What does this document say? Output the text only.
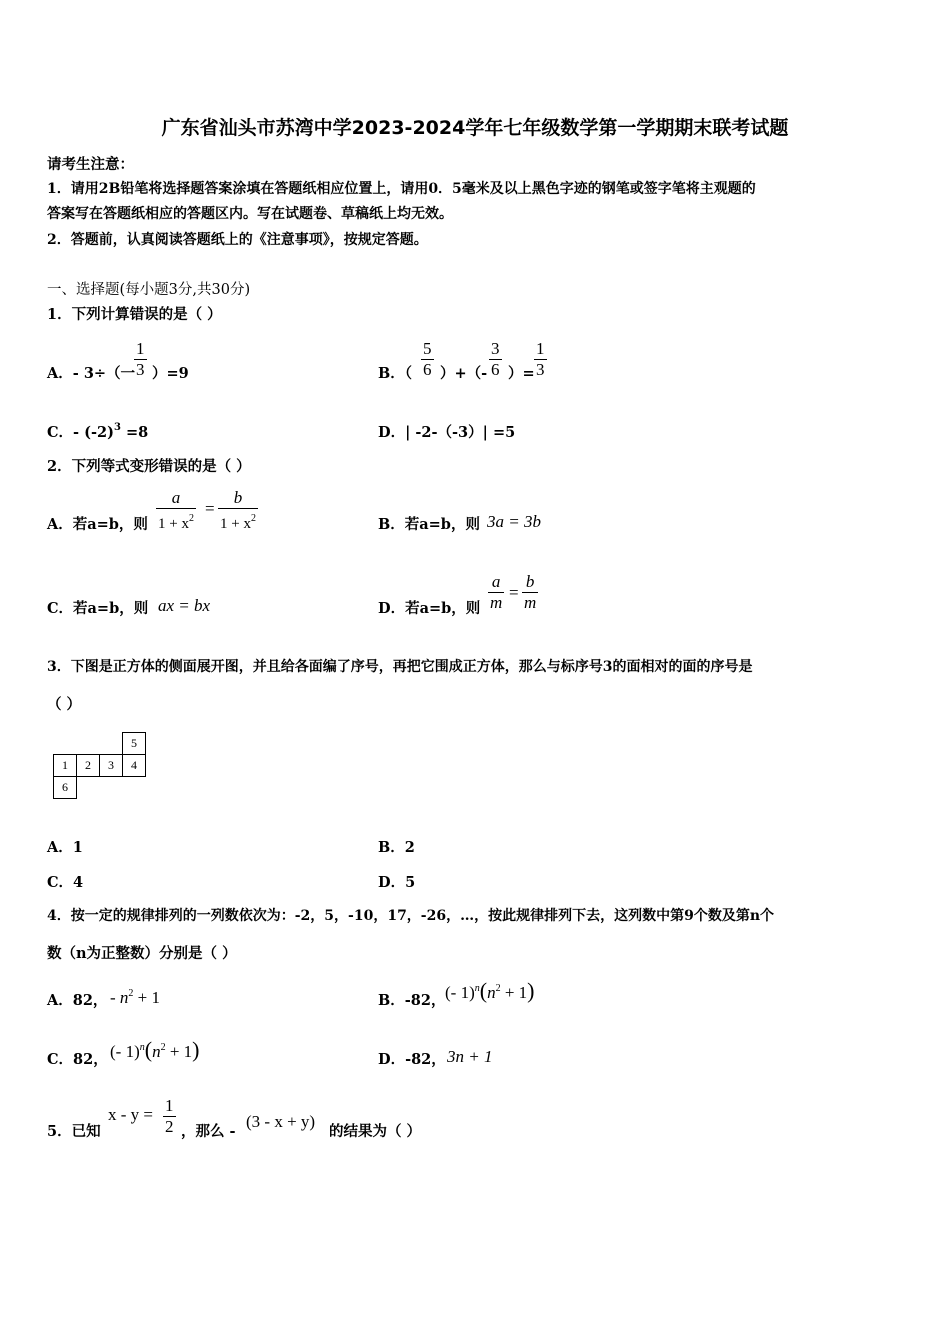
广东省汕头市苏湾中学2023-2024学年七年级数学第一学期期末联考试题
请考生注意：
1．请用2B铅笔将选择题答案涂填在答题纸相应位置上，请用0．5毫米及以上黑色字迹的钢笔或签字笔将主观题的
答案写在答题纸相应的答题区内。写在试题卷、草稿纸上均无效。
2．答题前，认真阅读答题纸上的《注意事项》，按规定答题。
一、选择题(每小题3分,共30分)
1．下列计算错误的是（ ）
A．- 3÷（一
$\frac{1}{3} )=9$	B．（ $\frac{5}{6}$ ）+（- $\frac{3}{6}$ ）= $\frac{1}{3}$
C．- $(-2)^3 =8$	D．| -2-（-3）| =5
2．下列等式变形错误的是（ ）
A．若a=b，则 $\frac{a}{1 + x^2} = \frac{b}{1 + x^2}$	B．若a=b，则 3a = 3b
C．若a=b，则 ax = bx	D．若a=b，则 $\frac{a}{m} = \frac{b}{m}$
3．下图是正方体的侧面展开图，并且给各面编了序号，再把它围成正方体，那么与标序号3的面相对的面的序号是
（ ）
			5
1	2	3	4
6			
A．1	B．2
C．4	D．5
4．按一定的规律排列的一列数依次为：-2，5，-10，17，-26，…，按此规律排列下去，这列数中第9个数及第n个
数（n为正整数）分别是（ ）
A．82， - $n^2 + 1$	B．-82， (- $1)^n(n^2 + 1)$
C．82， (- $1)^n(n^2 + 1)$	D．-82， 3n + 1
5．已知
$x - y = \frac{1}{2}$ ，那么 -
(3 - x + y)
的结果为（ ）
